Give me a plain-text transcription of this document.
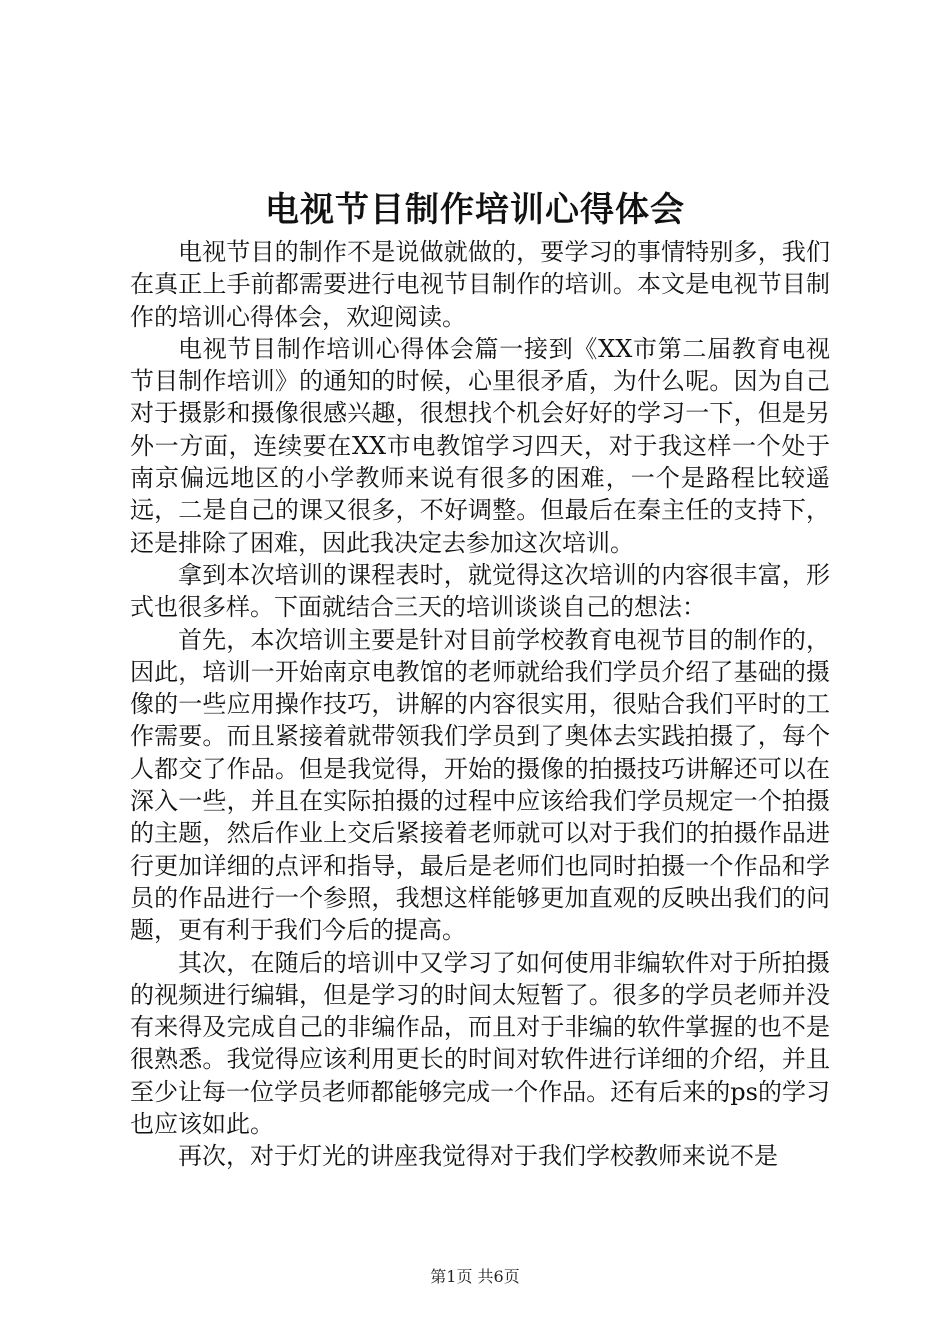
电视节目制作培训心得体会

电视节目的制作不是说做就做的，要学习的事情特别多，我们在真正上手前都需要进行电视节目制作的培训。本文是电视节目制作的培训心得体会，欢迎阅读。

电视节目制作培训心得体会篇一接到《XX市第二届教育电视节目制作培训》的通知的时候，心里很矛盾，为什么呢。因为自己对于摄影和摄像很感兴趣，很想找个机会好好的学习一下，但是另外一方面，连续要在XX市电教馆学习四天，对于我这样一个处于南京偏远地区的小学教师来说有很多的困难，一个是路程比较遥远，二是自己的课又很多，不好调整。但最后在秦主任的支持下，还是排除了困难，因此我决定去参加这次培训。

拿到本次培训的课程表时，就觉得这次培训的内容很丰富，形式也很多样。下面就结合三天的培训谈谈自己的想法：

首先，本次培训主要是针对目前学校教育电视节目的制作的，因此，培训一开始南京电教馆的老师就给我们学员介绍了基础的摄像的一些应用操作技巧，讲解的内容很实用，很贴合我们平时的工作需要。而且紧接着就带领我们学员到了奥体去实践拍摄了，每个人都交了作品。但是我觉得，开始的摄像的拍摄技巧讲解还可以在深入一些，并且在实际拍摄的过程中应该给我们学员规定一个拍摄的主题，然后作业上交后紧接着老师就可以对于我们的拍摄作品进行更加详细的点评和指导，最后是老师们也同时拍摄一个作品和学员的作品进行一个参照，我想这样能够更加直观的反映出我们的问题，更有利于我们今后的提高。

其次，在随后的培训中又学习了如何使用非编软件对于所拍摄的视频进行编辑，但是学习的时间太短暂了。很多的学员老师并没有来得及完成自己的非编作品，而且对于非编的软件掌握的也不是很熟悉。我觉得应该利用更长的时间对软件进行详细的介绍，并且至少让每一位学员老师都能够完成一个作品。还有后来的ps的学习也应该如此。

再次，对于灯光的讲座我觉得对于我们学校教师来说不是

第1页 共6页
